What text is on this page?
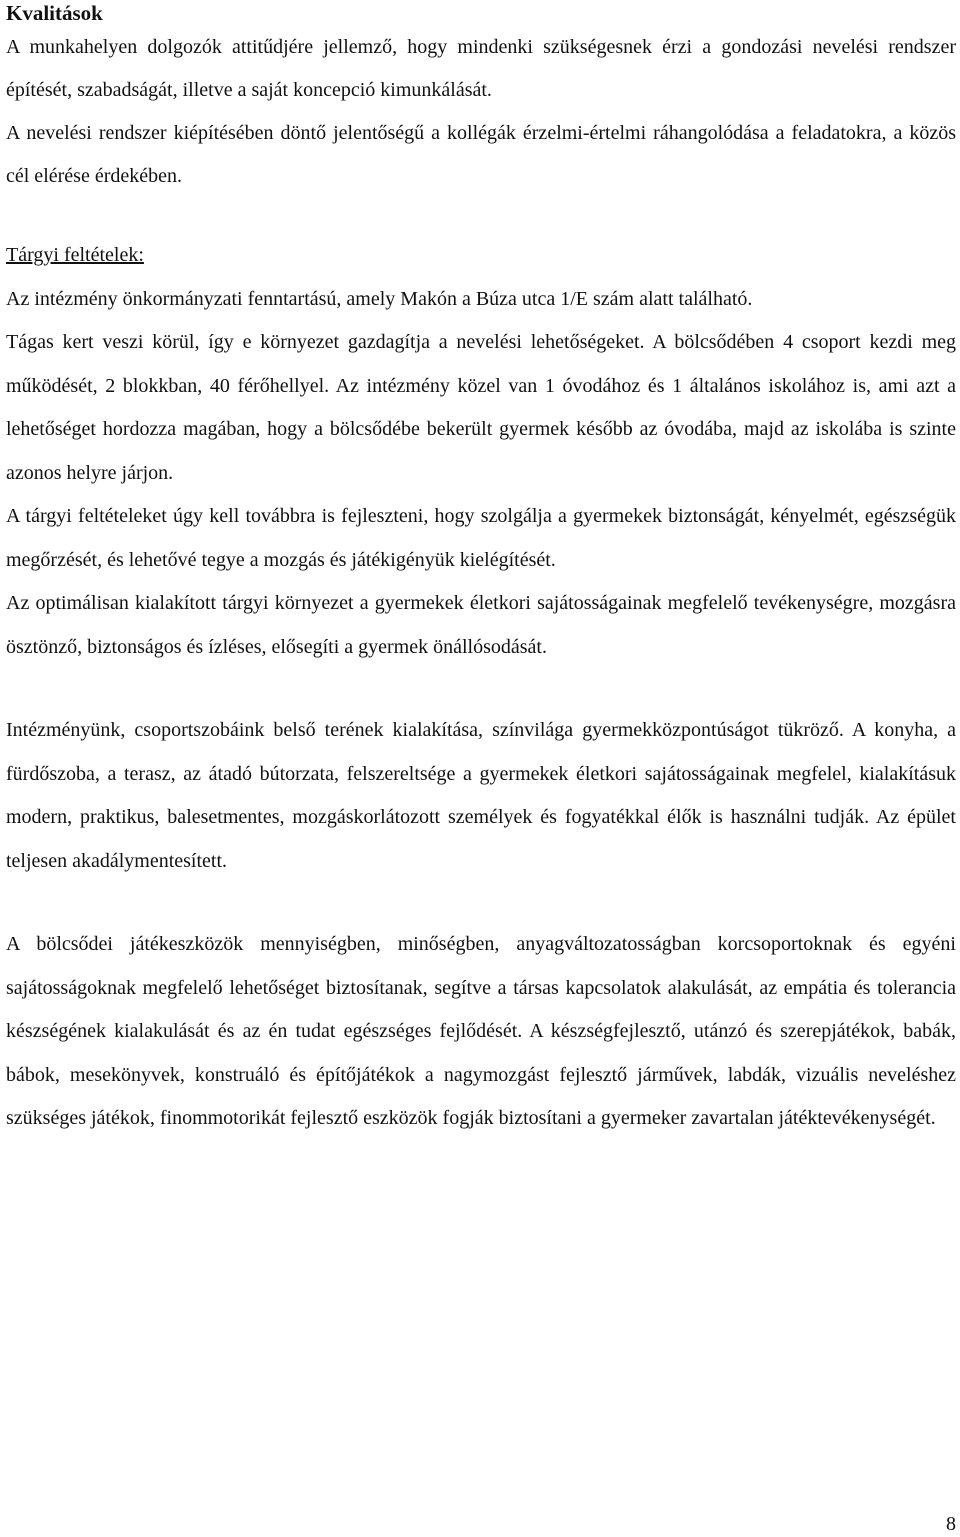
Kvalitások

A munkahelyen dolgozók attitűdjére jellemző, hogy mindenki szükségesnek érzi a gondozási nevelési rendszer építését, szabadságát, illetve a saját koncepció kimunkálását.

A nevelési rendszer kiépítésében döntő jelentőségű a kollégák érzelmi-értelmi ráhangolódása a feladatokra, a közös cél elérése érdekében.

Tárgyi feltételek:

Az intézmény önkormányzati fenntartású, amely Makón a Búza utca 1/E szám alatt található.

Tágas kert veszi körül, így e környezet gazdagítja a nevelési lehetőségeket. A bölcsődében 4 csoport kezdi meg működését, 2 blokkban, 40 férőhellyel. Az intézmény közel van 1 óvodához és 1 általános iskolához is, ami azt a lehetőséget hordozza magában, hogy a bölcsődébe bekerült gyermek később az óvodába, majd az iskolába is szinte azonos helyre járjon.

A tárgyi feltételeket úgy kell továbbra is fejleszteni, hogy szolgálja a gyermekek biztonságát, kényelmét, egészségük megőrzését, és lehetővé tegye a mozgás és játékigényük kielégítését.

Az optimálisan kialakított tárgyi környezet a gyermekek életkori sajátosságainak megfelelő tevékenységre, mozgásra ösztönző, biztonságos és ízléses, elősegíti a gyermek önállósodását.

Intézményünk, csoportszobáink belső terének kialakítása, színvilága gyermekközpontúságot tükröző. A konyha, a fürdőszoba, a terasz, az átadó bútorzata, felszereltsége a gyermekek életkori sajátosságainak megfelel, kialakításuk modern, praktikus, balesetmentes, mozgáskorlátozott személyek és fogyatékkal élők is használni tudják. Az épület teljesen akadálymentesített.

A bölcsődei játékeszközök mennyiségben, minőségben, anyagváltozatosságban korcsoportoknak és egyéni sajátosságoknak megfelelő lehetőséget biztosítanak, segítve a társas kapcsolatok alakulását, az empátia és tolerancia készségének kialakulását és az én tudat egészséges fejlődését. A készségfejlesztő, utánzó és szerepjátékok, babák, bábok, mesekönyvek, konstruáló és építőjátékok a nagymozgást fejlesztő járművek, labdák, vizuális neveléshez szükséges játékok, finommotorikát fejlesztő eszközök fogják biztosítani a gyermeker zavartalan játéktevékenységét.

8
